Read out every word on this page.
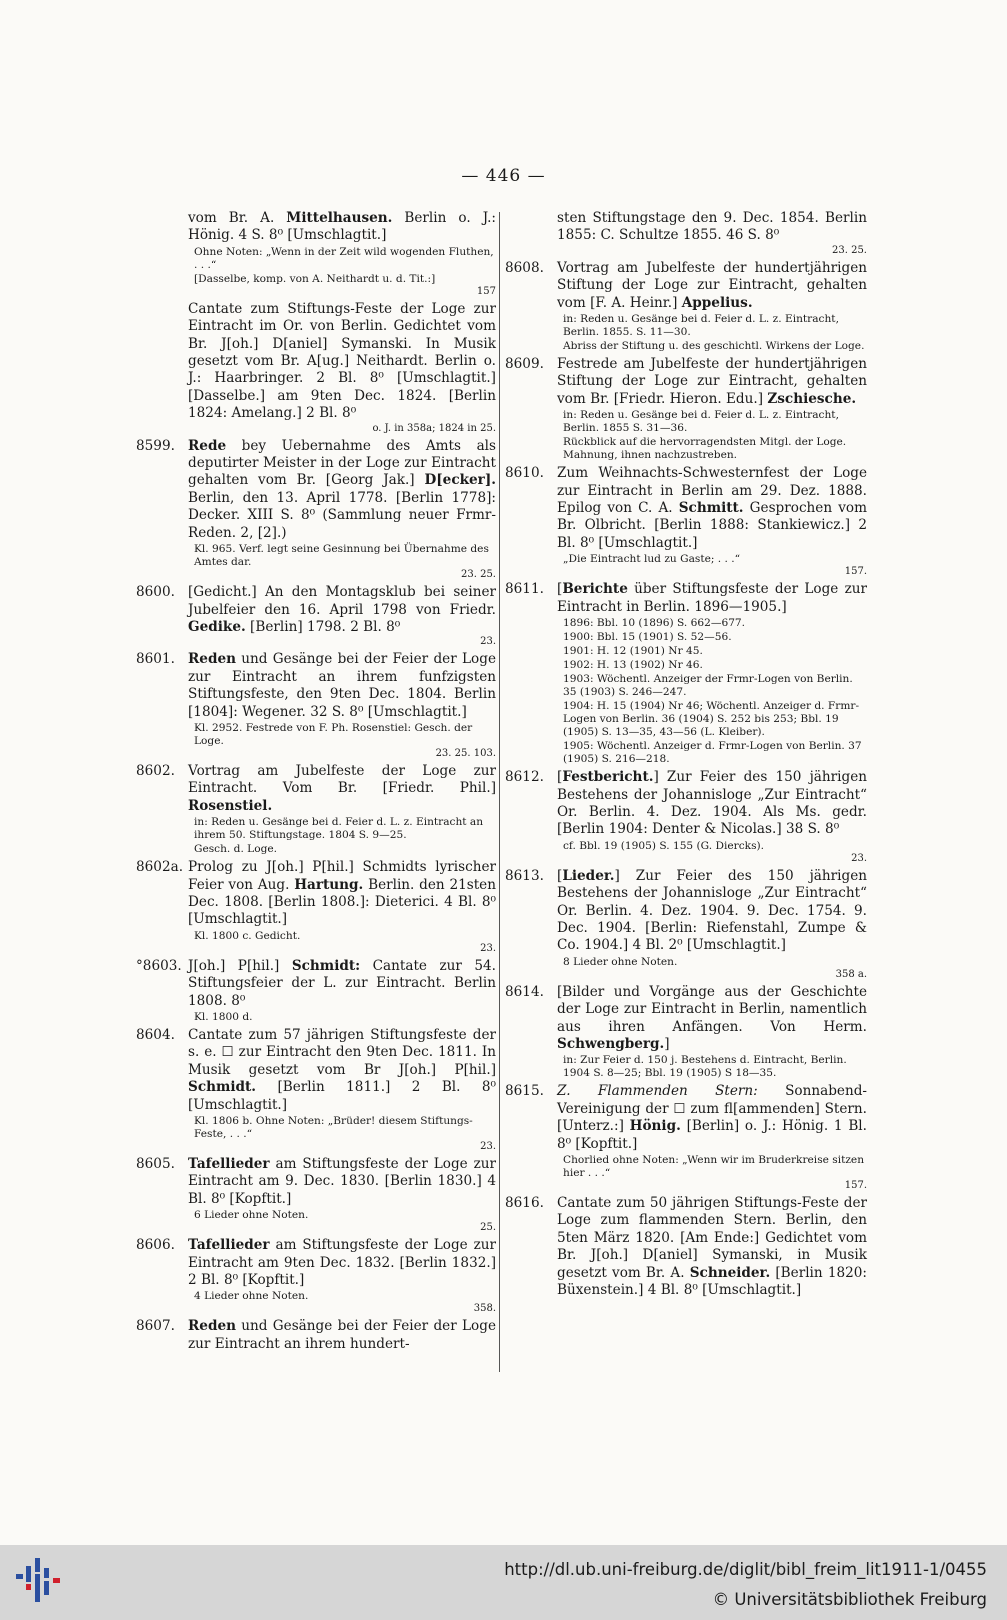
— 446 —
vom Br. A. Mittelhausen. Berlin o. J.: Hönig. 4 S. 8⁰ [Umschlagtit.]
Ohne Noten: „Wenn in der Zeit wild wogenden Fluthen, . . .“
[Dasselbe, komp. von A. Neithardt u. d. Tit.:]
157
Cantate zum Stiftungs-Feste der Loge zur Eintracht im Or. von Berlin. Gedichtet vom Br. J[oh.] D[aniel] Symanski. In Musik gesetzt vom Br. A[ug.] Neithardt. Berlin o. J.: Haarbringer. 2 Bl. 8⁰ [Umschlagtit.] [Dasselbe.] am 9ten Dec. 1824. [Berlin 1824: Amelang.] 2 Bl. 8⁰
o. J. in 358a; 1824 in 25.
8599. Rede bey Uebernahme des Amts als deputirter Meister in der Loge zur Eintracht gehalten vom Br. [Georg Jak.] D[ecker]. Berlin, den 13. April 1778. [Berlin 1778]: Decker. XIII S. 8⁰ (Sammlung neuer Frmr-Reden. 2, [2].)
Kl. 965. Verf. legt seine Gesinnung bei Übernahme des Amtes dar.
23. 25.
8600. [Gedicht.] An den Montagsklub bei seiner Jubelfeier den 16. April 1798 von Friedr. Gedike. [Berlin] 1798. 2 Bl. 8⁰
23.
8601. Reden und Gesänge bei der Feier der Loge zur Eintracht an ihrem funfzigsten Stiftungsfeste, den 9ten Dec. 1804. Berlin [1804]: Wegener. 32 S. 8⁰ [Umschlagtit.]
Kl. 2952. Festrede von F. Ph. Rosenstiel: Gesch. der Loge.
23. 25. 103.
8602. Vortrag am Jubelfeste der Loge zur Eintracht. Vom Br. [Friedr. Phil.] Rosenstiel.
in: Reden u. Gesänge bei d. Feier d. L. z. Eintracht an ihrem 50. Stiftungstage. 1804 S. 9—25.
Gesch. d. Loge.
8602a. Prolog zu J[oh.] P[hil.] Schmidts lyrischer Feier von Aug. Hartung. Berlin. den 21sten Dec. 1808. [Berlin 1808.]: Dieterici. 4 Bl. 8⁰ [Umschlagtit.]
Kl. 1800 c. Gedicht.
23.
°8603. J[oh.] P[hil.] Schmidt: Cantate zur 54. Stiftungsfeier der L. zur Eintracht. Berlin 1808. 8⁰
Kl. 1800 d.
8604. Cantate zum 57 jährigen Stiftungsfeste der s. e. ☐ zur Eintracht den 9ten Dec. 1811. In Musik gesetzt vom Br J[oh.] P[hil.] Schmidt. [Berlin 1811.] 2 Bl. 8⁰ [Umschlagtit.]
Kl. 1806 b. Ohne Noten: „Brüder! diesem Stiftungs-Feste, . . .“
23.
8605. Tafellieder am Stiftungsfeste der Loge zur Eintracht am 9. Dec. 1830. [Berlin 1830.] 4 Bl. 8⁰ [Kopftit.]
6 Lieder ohne Noten.
25.
8606. Tafellieder am Stiftungsfeste der Loge zur Eintracht am 9ten Dec. 1832. [Berlin 1832.] 2 Bl. 8⁰ [Kopftit.]
4 Lieder ohne Noten.
358.
8607. Reden und Gesänge bei der Feier der Loge zur Eintracht an ihrem hundert-
sten Stiftungstage den 9. Dec. 1854. Berlin 1855: C. Schultze 1855. 46 S. 8⁰
23. 25.
8608. Vortrag am Jubelfeste der hundertjährigen Stiftung der Loge zur Eintracht, gehalten vom [F. A. Heinr.] Appelius.
in: Reden u. Gesänge bei d. Feier d. L. z. Eintracht, Berlin. 1855. S. 11—30.
Abriss der Stiftung u. des geschichtl. Wirkens der Loge.
8609. Festrede am Jubelfeste der hundertjährigen Stiftung der Loge zur Eintracht, gehalten vom Br. [Friedr. Hieron. Edu.] Zschiesche.
in: Reden u. Gesänge bei d. Feier d. L. z. Eintracht, Berlin. 1855 S. 31—36.
Rückblick auf die hervorragendsten Mitgl. der Loge. Mahnung, ihnen nachzustreben.
8610. Zum Weihnachts-Schwesternfest der Loge zur Eintracht in Berlin am 29. Dez. 1888. Epilog von C. A. Schmitt. Gesprochen vom Br. Olbricht. [Berlin 1888: Stankiewicz.] 2 Bl. 8⁰ [Umschlagtit.]
„Die Eintracht lud zu Gaste; . . .“
157.
8611. [Berichte über Stiftungsfeste der Loge zur Eintracht in Berlin. 1896—1905.]
1896: Bbl. 10 (1896) S. 662—677.
1900: Bbl. 15 (1901) S. 52—56.
1901: H. 12 (1901) Nr 45.
1902: H. 13 (1902) Nr 46.
1903: Wöchentl. Anzeiger der Frmr-Logen von Berlin. 35 (1903) S. 246—247.
1904: H. 15 (1904) Nr 46; Wöchentl. Anzeiger d. Frmr-Logen von Berlin. 36 (1904) S. 252 bis 253; Bbl. 19 (1905) S. 13—35, 43—56 (L. Kleiber).
1905: Wöchentl. Anzeiger d. Frmr-Logen von Berlin. 37 (1905) S. 216—218.
8612. [Festbericht.] Zur Feier des 150 jährigen Bestehens der Johannisloge „Zur Eintracht“ Or. Berlin. 4. Dez. 1904. Als Ms. gedr. [Berlin 1904: Denter & Nicolas.] 38 S. 8⁰
cf. Bbl. 19 (1905) S. 155 (G. Diercks).
23.
8613. [Lieder.] Zur Feier des 150 jährigen Bestehens der Johannisloge „Zur Eintracht“ Or. Berlin. 4. Dez. 1904. 9. Dec. 1754. 9. Dec. 1904. [Berlin: Riefenstahl, Zumpe & Co. 1904.] 4 Bl. 2⁰ [Umschlagtit.]
8 Lieder ohne Noten.
358 a.
8614. [Bilder und Vorgänge aus der Geschichte der Loge zur Eintracht in Berlin, namentlich aus ihren Anfängen. Von Herm. Schwengberg.]
in: Zur Feier d. 150 j. Bestehens d. Eintracht, Berlin. 1904 S. 8—25; Bbl. 19 (1905) S 18—35.
8615. Z. Flammenden Stern: Sonnabend-Vereinigung der ☐ zum fl[ammenden] Stern. [Unterz.:] Hönig. [Berlin] o. J.: Hönig. 1 Bl. 8⁰ [Kopftit.]
Chorlied ohne Noten: „Wenn wir im Bruderkreise sitzen hier . . .“
157.
8616. Cantate zum 50 jährigen Stiftungs-Feste der Loge zum flammenden Stern. Berlin, den 5ten März 1820. [Am Ende:] Gedichtet vom Br. J[oh.] D[aniel] Symanski, in Musik gesetzt vom Br. A. Schneider. [Berlin 1820: Büxenstein.] 4 Bl. 8⁰ [Umschlagtit.]
http://dl.ub.uni-freiburg.de/diglit/bibl_freim_lit1911-1/0455
© Universitätsbibliothek Freiburg
